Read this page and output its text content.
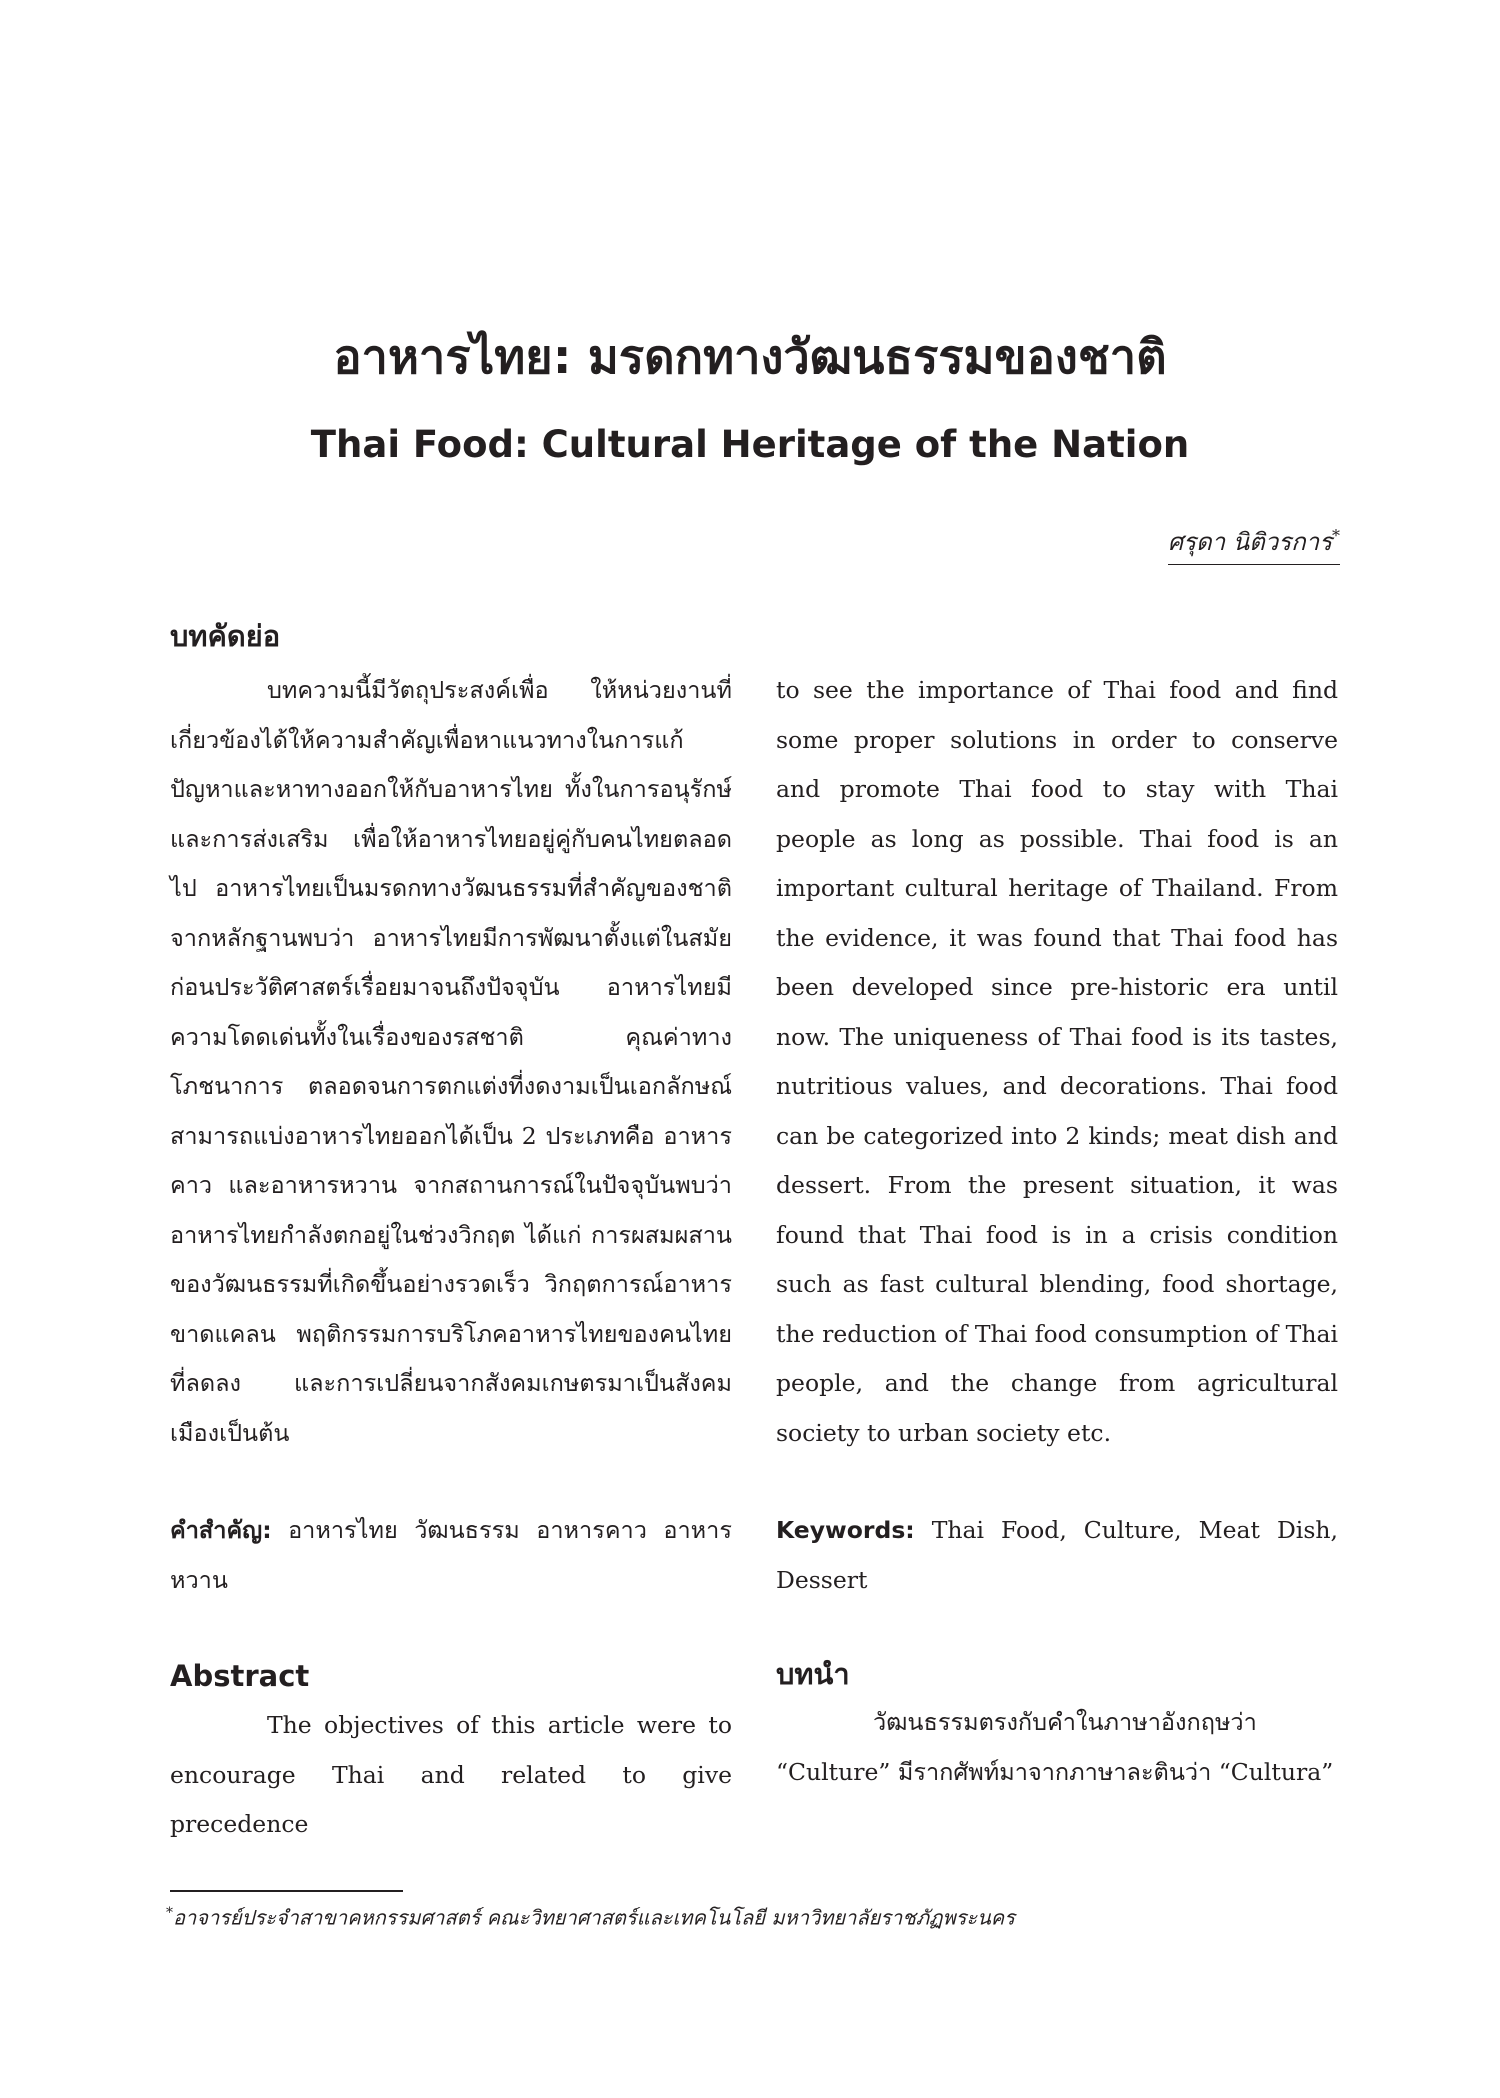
อาหารไทย: มรดกทางวัฒนธรรมของชาติ
Thai Food: Cultural Heritage of the Nation
ศรุดา นิติวรการ*
บทคัดย่อ

บทความนี้มีวัตถุประสงค์เพื่อ ให้หน่วยงานที่เกี่ยวข้องได้ให้ความสำคัญเพื่อหาแนวทางในการแก้ปัญหาและหาทางออกให้กับอาหารไทย ทั้งในการอนุรักษ์และการส่งเสริม เพื่อให้อาหารไทยอยู่คู่กับคนไทยตลอดไป อาหารไทยเป็นมรดกทางวัฒนธรรมที่สำคัญของชาติ จากหลักฐานพบว่า อาหารไทยมีการพัฒนาตั้งแต่ในสมัยก่อนประวัติศาสตร์เรื่อยมาจนถึงปัจจุบัน อาหารไทยมีความโดดเด่นทั้งในเรื่องของรสชาติ คุณค่าทางโภชนาการ ตลอดจนการตกแต่งที่งดงามเป็นเอกลักษณ์ สามารถแบ่งอาหารไทยออกได้เป็น 2 ประเภทคือ อาหารคาว และอาหารหวาน จากสถานการณ์ในปัจจุบันพบว่า อาหารไทยกำลังตกอยู่ในช่วงวิกฤต ได้แก่ การผสมผสานของวัฒนธรรมที่เกิดขึ้นอย่างรวดเร็ว วิกฤตการณ์อาหารขาดแคลน พฤติกรรมการบริโภคอาหารไทยของคนไทยที่ลดลง และการเปลี่ยนจากสังคมเกษตรมาเป็นสังคมเมืองเป็นต้น

คำสำคัญ: อาหารไทย วัฒนธรรม อาหารคาว อาหารหวาน

Abstract

The objectives of this article were to encourage Thai and related to give precedence

to see the importance of Thai food and find some proper solutions in order to conserve and promote Thai food to stay with Thai people as long as possible. Thai food is an important cultural heritage of Thailand. From the evidence, it was found that Thai food has been developed since pre-historic era until now. The uniqueness of Thai food is its tastes, nutritious values, and decorations. Thai food can be categorized into 2 kinds; meat dish and dessert. From the present situation, it was found that Thai food is in a crisis condition such as fast cultural blending, food shortage, the reduction of Thai food consumption of Thai people, and the change from agricultural society to urban society etc.

Keywords: Thai Food, Culture, Meat Dish, Dessert

บทนำ

วัฒนธรรมตรงกับคำในภาษาอังกฤษว่า “Culture” มีรากศัพท์มาจากภาษาละตินว่า “Cultura”

*อาจารย์ประจำสาขาคหกรรมศาสตร์ คณะวิทยาศาสตร์และเทคโนโลยี มหาวิทยาลัยราชภัฏพระนคร
